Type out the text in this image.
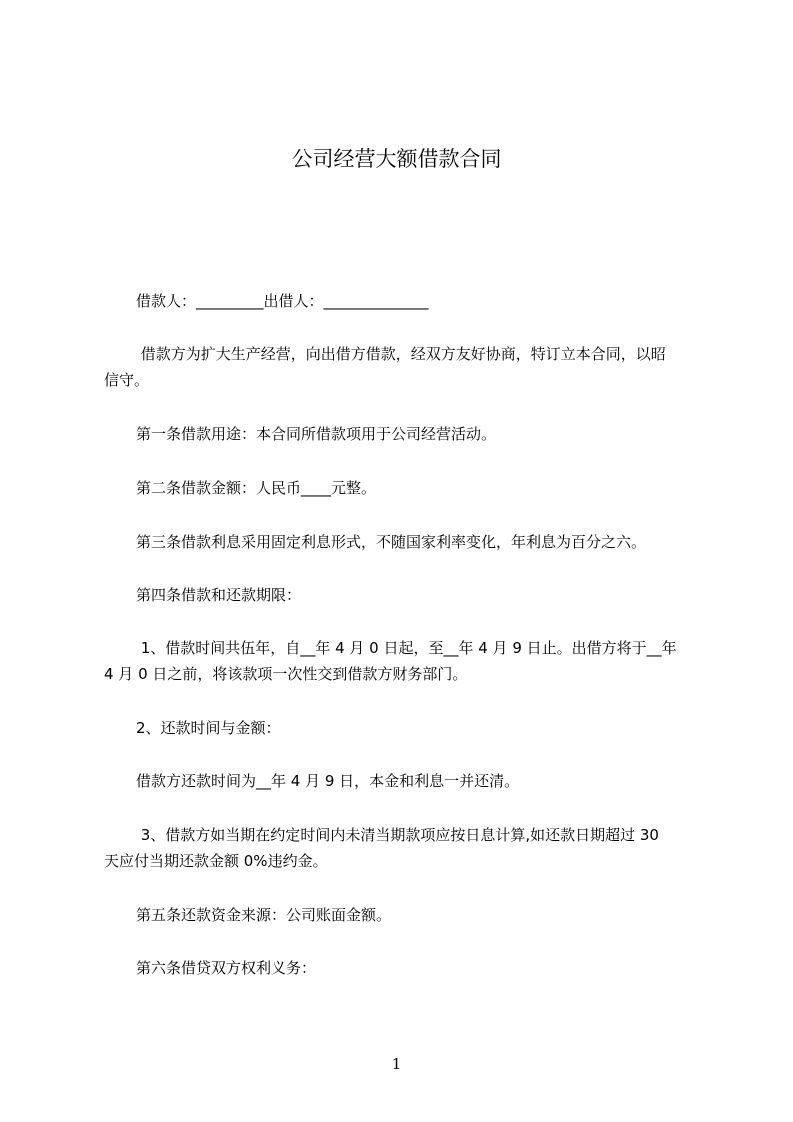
公司经营大额借款合同
借款人：_________出借人：______________
借款方为扩大生产经营，向出借方借款，经双方友好协商，特订立本合同，以昭
信守。
第一条借款用途：本合同所借款项用于公司经营活动。
第二条借款金额：人民币____元整。
第三条借款利息采用固定利息形式，不随国家利率变化，年利息为百分之六。
第四条借款和还款期限：
1、借款时间共伍年，自__年 4 月 0 日起，至__年 4 月 9 日止。出借方将于__年
4 月 0 日之前，将该款项一次性交到借款方财务部门。
2、还款时间与金额：
借款方还款时间为__年 4 月 9 日，本金和利息一并还清。
3、借款方如当期在约定时间内未清当期款项应按日息计算,如还款日期超过 30
天应付当期还款金额 0%违约金。
第五条还款资金来源：公司账面金额。
第六条借贷双方权利义务：
1
